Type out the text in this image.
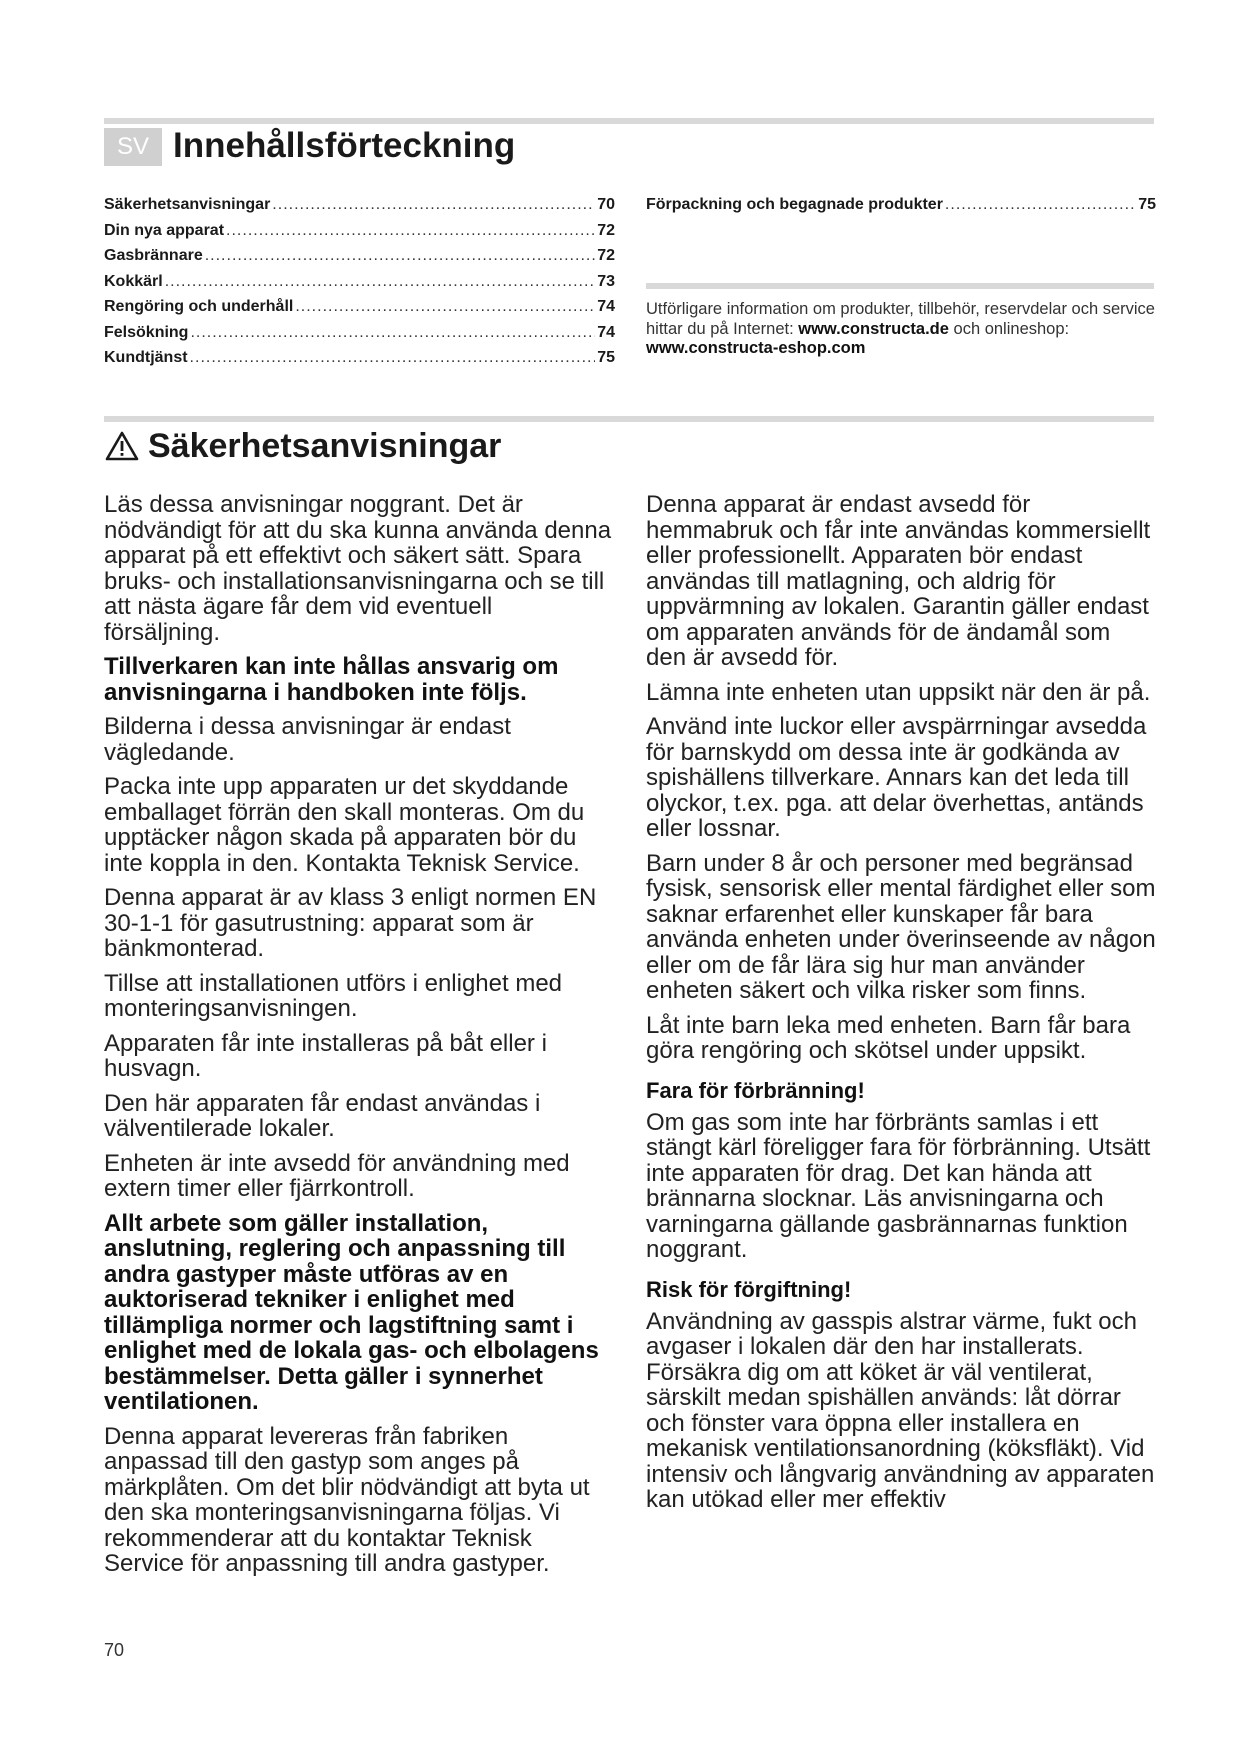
SV Innehållsförteckning
Säkerhetsanvisningar .....	70
Din nya apparat .....	72
Gasbrännare .....	72
Kokkärl .....	73
Rengöring och underhåll .....	74
Felsökning .....	74
Kundtjänst .....	75
Förpackning och begagnade produkter .....	75

Utförligare information om produkter, tillbehör, reservdelar och service hittar du på Internet: www.constructa.de och onlineshop: www.constructa-eshop.com

Säkerhetsanvisningar

Läs dessa anvisningar noggrant. Det är nödvändigt för att du ska kunna använda denna apparat på ett effektivt och säkert sätt. Spara bruks- och installationsanvisningarna och se till att nästa ägare får dem vid eventuell försäljning.

Tillverkaren kan inte hållas ansvarig om anvisningarna i handboken inte följs.

Bilderna i dessa anvisningar är endast vägledande.

Packa inte upp apparaten ur det skyddande emballaget förrän den skall monteras. Om du upptäcker någon skada på apparaten bör du inte koppla in den. Kontakta Teknisk Service.

Denna apparat är av klass 3 enligt normen EN 30-1-1 för gasutrustning: apparat som är bänkmonterad.

Tillse att installationen utförs i enlighet med monteringsanvisningen.

Apparaten får inte installeras på båt eller i husvagn.

Den här apparaten får endast användas i välventilerade lokaler.

Enheten är inte avsedd för användning med extern timer eller fjärrkontroll.

Allt arbete som gäller installation, anslutning, reglering och anpassning till andra gastyper måste utföras av en auktoriserad tekniker i enlighet med tillämpliga normer och lagstiftning samt i enlighet med de lokala gas- och elbolagens bestämmelser. Detta gäller i synnerhet ventilationen.

Denna apparat levereras från fabriken anpassad till den gastyp som anges på märkplåten. Om det blir nödvändigt att byta ut den ska monteringsanvisningarna följas. Vi rekommenderar att du kontaktar Teknisk Service för anpassning till andra gastyper.

Denna apparat är endast avsedd för hemmabruk och får inte användas kommersiellt eller professionellt. Apparaten bör endast användas till matlagning, och aldrig för uppvärmning av lokalen. Garantin gäller endast om apparaten används för de ändamål som den är avsedd för.

Lämna inte enheten utan uppsikt när den är på.

Använd inte luckor eller avspärrningar avsedda för barnskydd om dessa inte är godkända av spishällens tillverkare. Annars kan det leda till olyckor, t.ex. pga. att delar överhettas, antänds eller lossnar.

Barn under 8 år och personer med begränsad fysisk, sensorisk eller mental färdighet eller som saknar erfarenhet eller kunskaper får bara använda enheten under överinseende av någon eller om de får lära sig hur man använder enheten säkert och vilka risker som finns.

Låt inte barn leka med enheten. Barn får bara göra rengöring och skötsel under uppsikt.

Fara för förbränning!

Om gas som inte har förbränts samlas i ett stängt kärl föreligger fara för förbränning. Utsätt inte apparaten för drag. Det kan hända att brännarna slocknar. Läs anvisningarna och varningarna gällande gasbrännarnas funktion noggrant.

Risk för förgiftning!

Användning av gasspis alstrar värme, fukt och avgaser i lokalen där den har installerats. Försäkra dig om att köket är väl ventilerat, särskilt medan spishällen används: låt dörrar och fönster vara öppna eller installera en mekanisk ventilationsanordning (köksfläkt). Vid intensiv och långvarig användning av apparaten kan utökad eller mer effektiv

70
